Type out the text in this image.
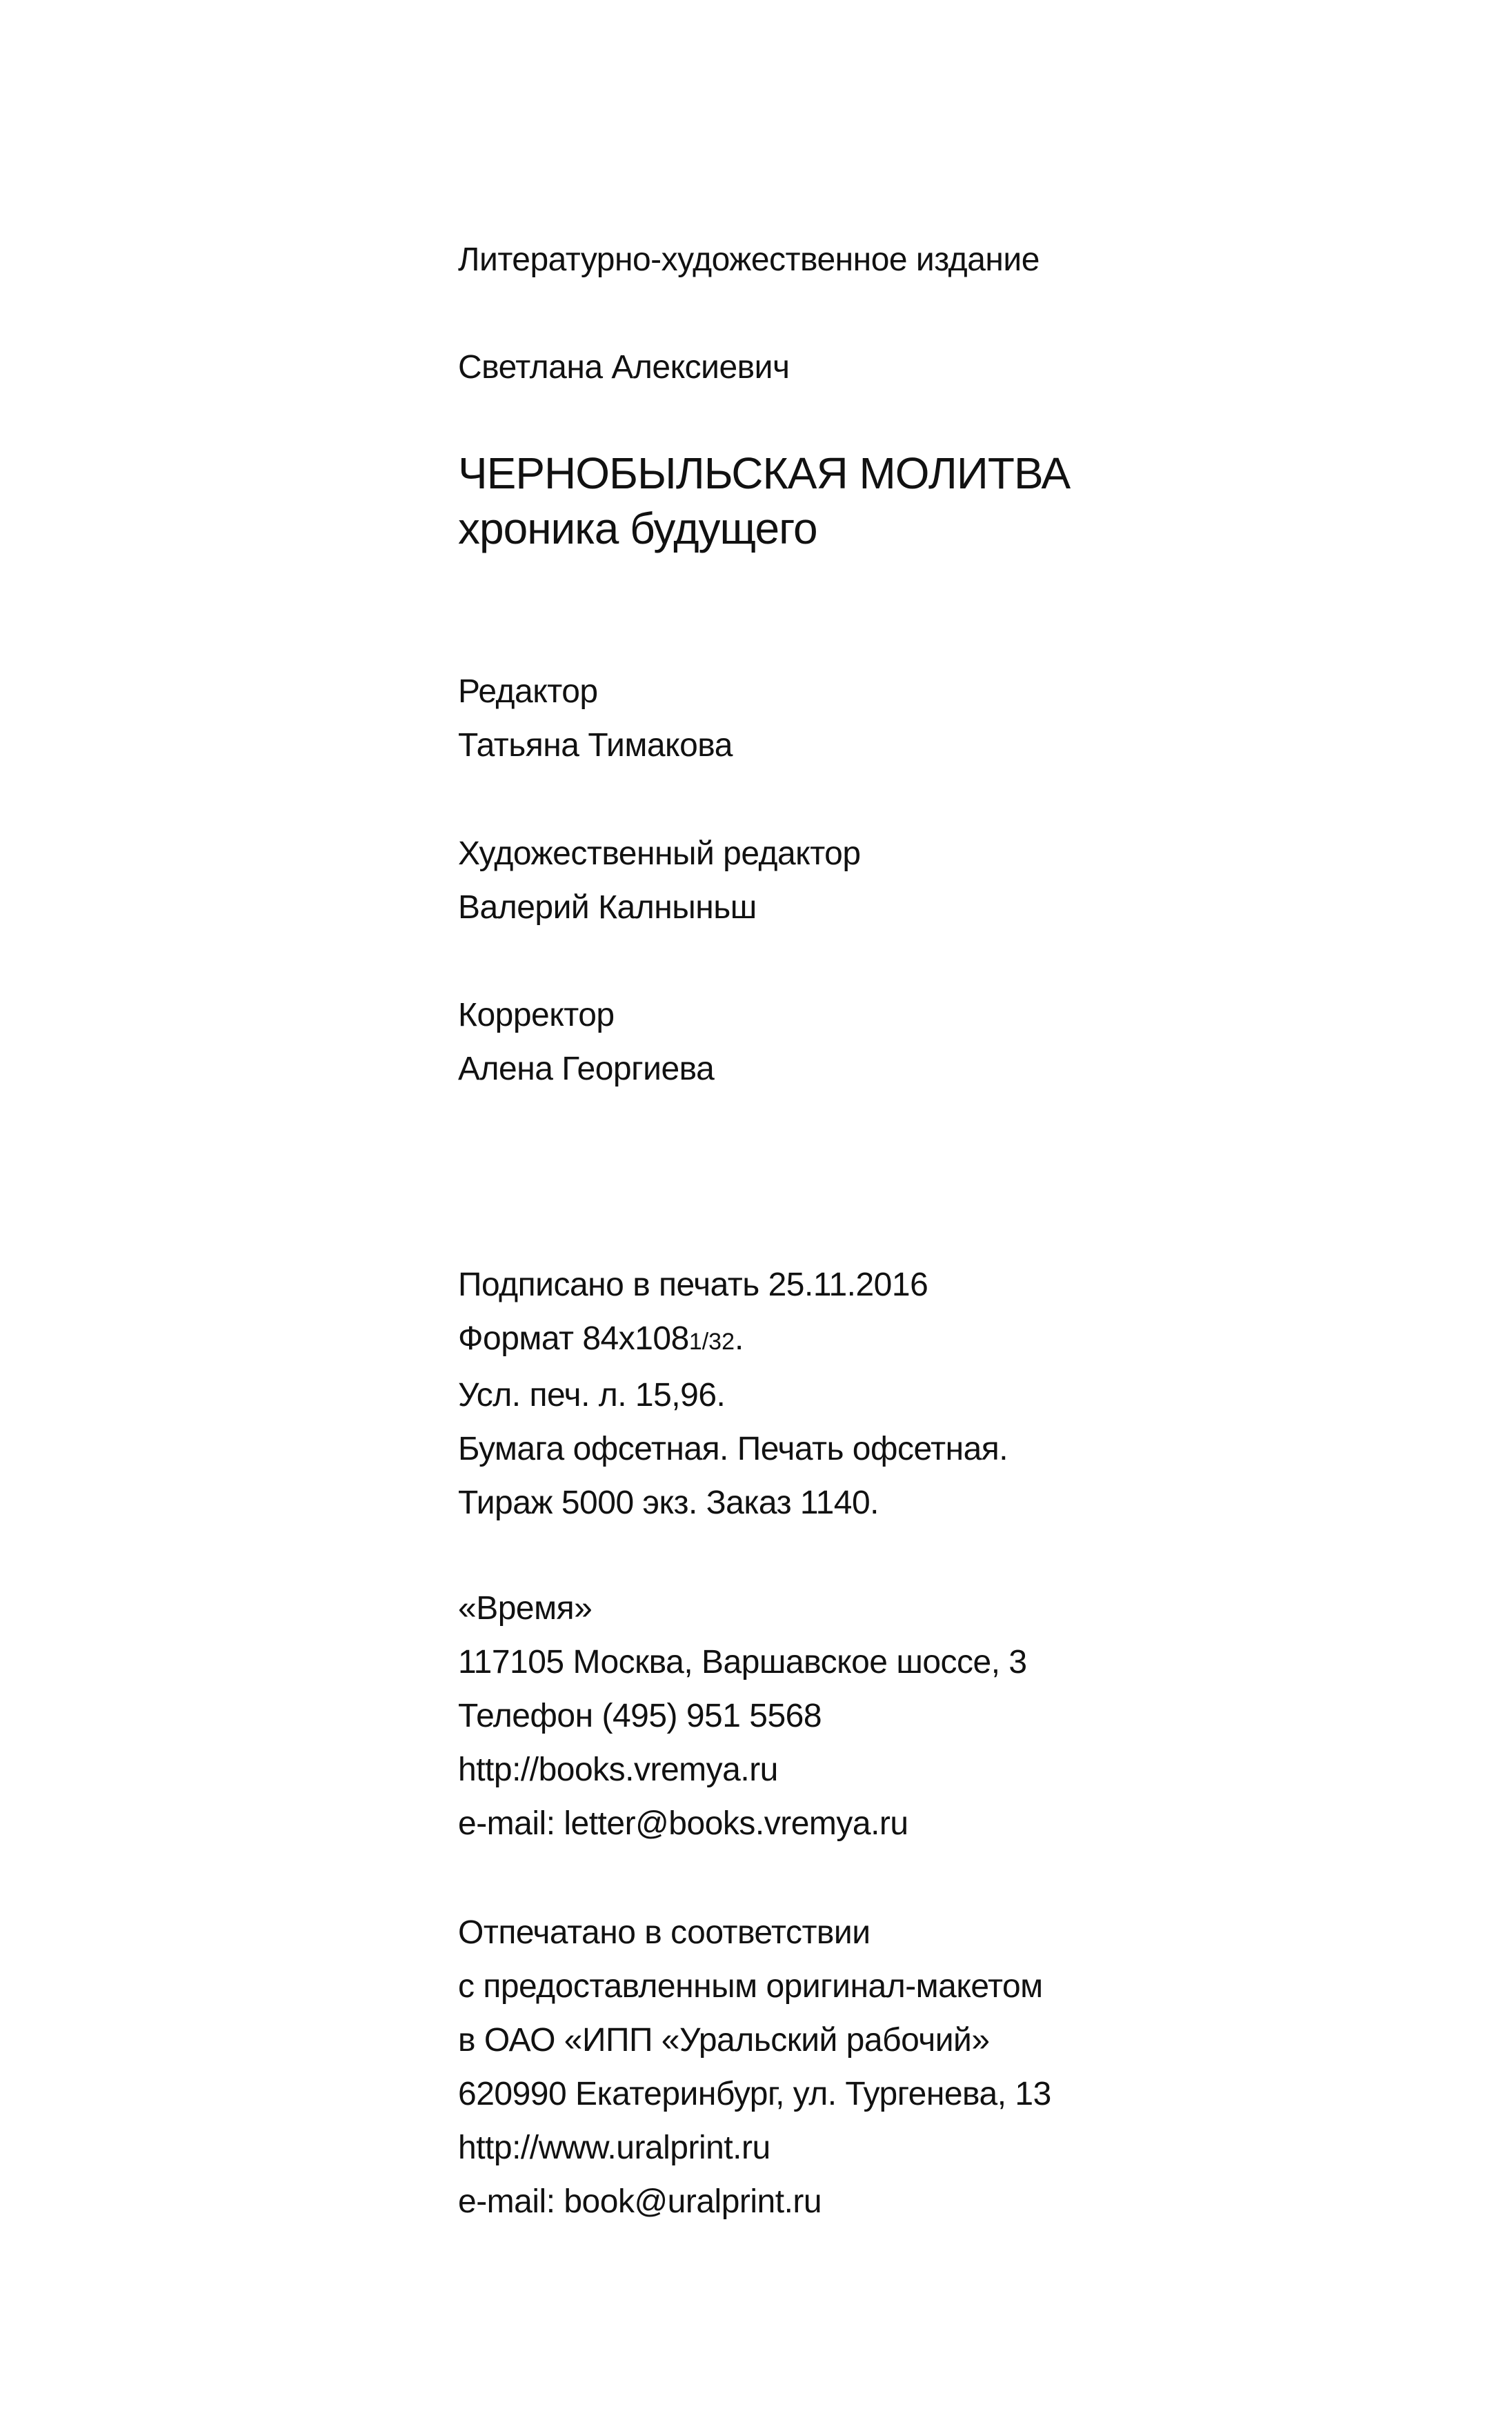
Литературно-художественное издание
Светлана Алексиевич
ЧЕРНОБЫЛЬСКАЯ МОЛИТВА
хроника будущего
Редактор
Татьяна Тимакова
Художественный редактор
Валерий Калныньш
Корректор
Алена Георгиева
Подписано в печать 25.11.2016
Формат 84x1081/32.
Усл. печ. л. 15,96.
Бумага офсетная. Печать офсетная.
Тираж 5000 экз. Заказ 1140.
«Время»
117105 Москва, Варшавское шоссе, 3
Телефон (495) 951 5568
http://books.vremya.ru
e-mail: letter@books.vremya.ru
Отпечатано в соответствии
с предоставленным оригинал-макетом
в ОАО «ИПП «Уральский рабочий»
620990 Екатеринбург, ул. Тургенева, 13
http://www.uralprint.ru
e-mail: book@uralprint.ru
